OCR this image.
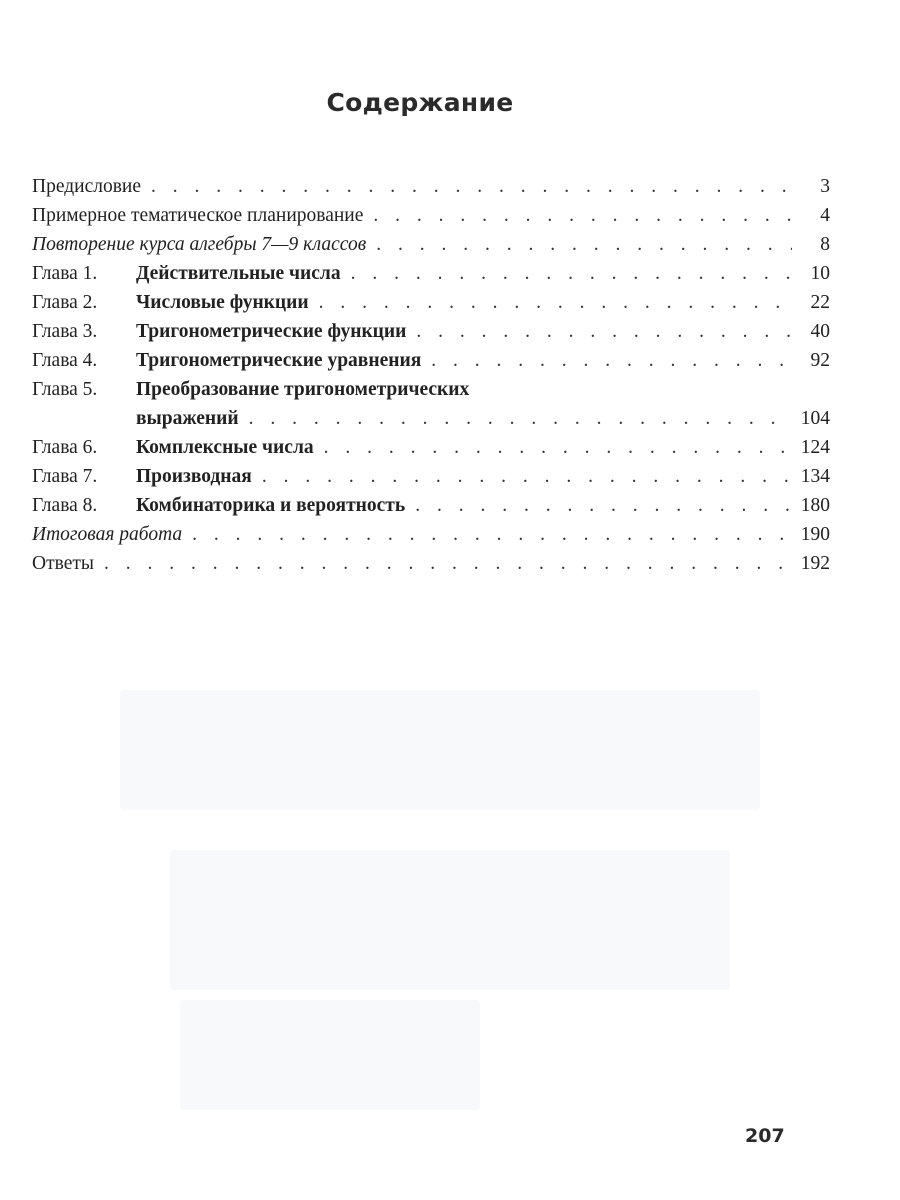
Содержание
Предисловие . . .	3
Примерное тематическое планирование . . .	4
Повторение курса алгебры 7—9 классов . . .	8
Глава 1.	Действительные числа . . .	10
Глава 2.	Числовые функции . . .	22
Глава 3.	Тригонометрические функции . . .	40
Глава 4.	Тригонометрические уравнения . . .	92
Глава 5.	Преобразование тригонометрических
выражений . . .	104
Глава 6.	Комплексные числа . . .	124
Глава 7.	Производная . . .	134
Глава 8.	Комбинаторика и вероятность . . .	180
Итоговая работа . . .	190
Ответы . . .	192
207
